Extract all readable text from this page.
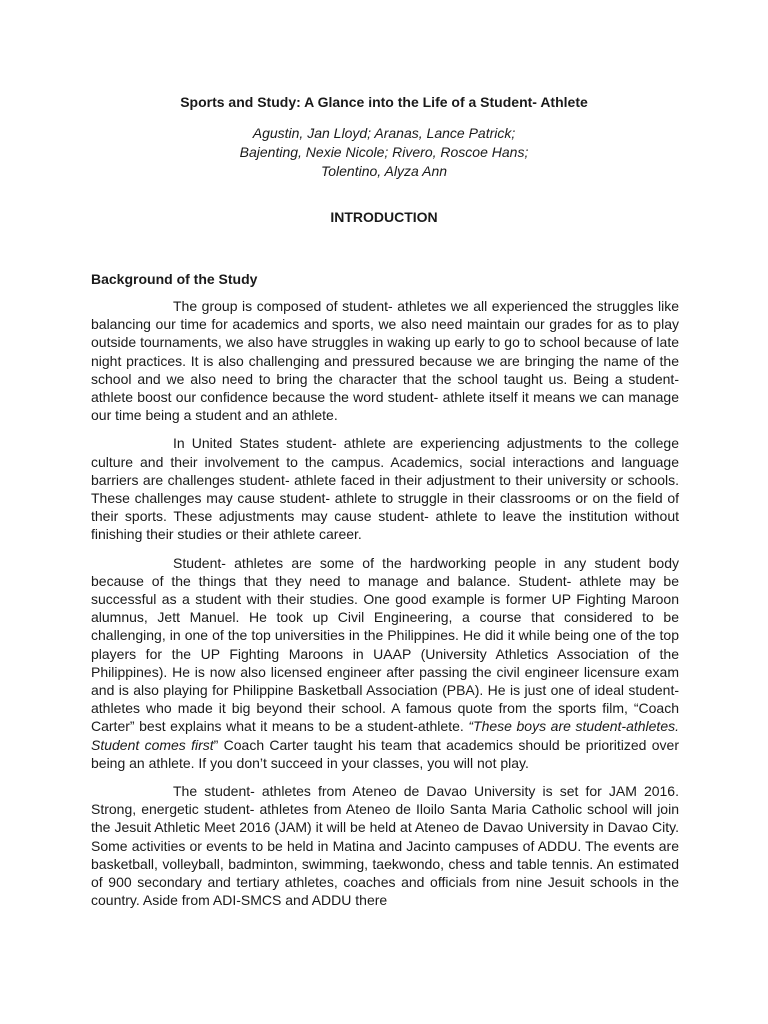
Sports and Study: A Glance into the Life of a Student- Athlete
Agustin, Jan Lloyd; Aranas, Lance Patrick;
Bajenting, Nexie Nicole; Rivero, Roscoe Hans;
Tolentino, Alyza Ann
INTRODUCTION
Background of the Study

The group is composed of student- athletes we all experienced the struggles like balancing our time for academics and sports, we also need maintain our grades for as to play outside tournaments, we also have struggles in waking up early to go to school because of late night practices. It is also challenging and pressured because we are bringing the name of the school and we also need to bring the character that the school taught us. Being a student- athlete boost our confidence because the word student- athlete itself it means we can manage our time being a student and an athlete.

In United States student- athlete are experiencing adjustments to the college culture and their involvement to the campus. Academics, social interactions and language barriers are challenges student- athlete faced in their adjustment to their university or schools. These challenges may cause student- athlete to struggle in their classrooms or on the field of their sports. These adjustments may cause student- athlete to leave the institution without finishing their studies or their athlete career.

Student- athletes are some of the hardworking people in any student body because of the things that they need to manage and balance. Student- athlete may be successful as a student with their studies. One good example is former UP Fighting Maroon alumnus, Jett Manuel. He took up Civil Engineering, a course that considered to be challenging, in one of the top universities in the Philippines. He did it while being one of the top players for the UP Fighting Maroons in UAAP (University Athletics Association of the Philippines). He is now also licensed engineer after passing the civil engineer licensure exam and is also playing for Philippine Basketball Association (PBA). He is just one of ideal student-athletes who made it big beyond their school. A famous quote from the sports film, “Coach Carter” best explains what it means to be a student-athlete. “These boys are student-athletes. Student comes first” Coach Carter taught his team that academics should be prioritized over being an athlete. If you don’t succeed in your classes, you will not play.

The student- athletes from Ateneo de Davao University is set for JAM 2016. Strong, energetic student- athletes from Ateneo de Iloilo Santa Maria Catholic school will join the Jesuit Athletic Meet 2016 (JAM) it will be held at Ateneo de Davao University in Davao City. Some activities or events to be held in Matina and Jacinto campuses of ADDU. The events are basketball, volleyball, badminton, swimming, taekwondo, chess and table tennis. An estimated of 900 secondary and tertiary athletes, coaches and officials from nine Jesuit schools in the country. Aside from ADI-SMCS and ADDU there
